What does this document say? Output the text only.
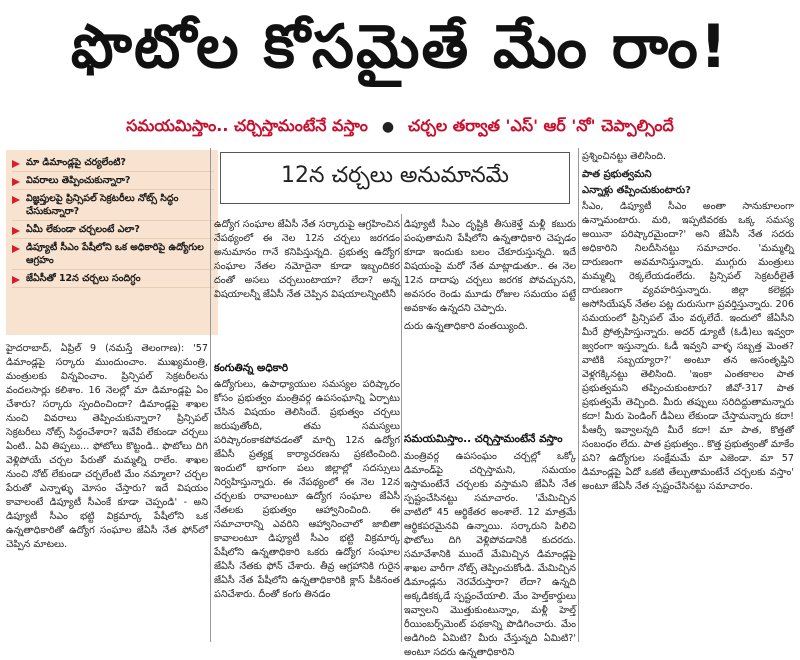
ఫొటోల కోసమైతే మేం రాం!
సమయమిస్తాం.. చర్చిస్తామంటేనే వస్తాం ● చర్చల తర్వాత 'ఎస్' ఆర్ 'నో' చెప్పాల్సిందే
మా డిమాండ్లపై చర్యలేంటి?
వివరాలు తెప్పించుకున్నారా?
విజ్ఞప్తులపై ప్రిన్సిపల్ సెక్రటరీలు నోట్స్ సిద్ధం చేసుకున్నారా?
ఏమీ లేకుండా చర్చలంటే ఎలా?
డిప్యూటీ సీఎం పేషీలోని ఒక అధికారిపై ఉద్యోగుల ఆగ్రహం
జేఏసీతో 12న చర్చలు సందిగ్ధం
12న చర్చలు అనుమానమే

హైదరాబాద్, ఏప్రిల్ 9 (నమస్తే తెలంగాణ): '57 డిమాండ్లపై సర్కారు ముందుంచాం. ముఖ్యమంత్రి, మంత్రులకు విన్నవించాం. ప్రిన్సిపల్ సెక్రటరీలను వందలసార్లు కలిశాం. 16 నెలల్లో మా డిమాండ్లపై ఏం చేశారు? సర్కారు స్పందించిందా? డిమాండ్లపై శాఖల నుంచి వివరాలు తెప్పించుకున్నారా? ప్రిన్సిపల్ సెక్రటరీలు నోట్స్ సిద్ధంచేశారా? ఇవేవీ లేకుండా చర్చలు ఏంటి.. ఏవి తిప్పలు... ఫోటోలు కొట్టండి.. ఫొటోలు దిగి వెళ్లిపోయే చర్చల పేరుతో మమ్మల్ని రాలేం. శాఖల నుంచి నోట్ లేకుండా చర్చలేంటి మేం నమ్మాలా? చర్చల పేరుతో ఎన్నాళ్ళు మోసం చేస్తారు? ఇదే విషయం కావాలంటే డిప్యూటీ సీఎంకే కూడా చెప్పండి' - అని డిప్యూటీ సీఎం భట్టి విక్రమార్క పేషీలోని ఒక ఉన్నతాధికారితో ఉద్యోగ సంఘాల జేఏసీ నేత ఫోన్‌లో చెప్పిన మాటలు.

ఉద్యోగ సంఘాల జేఏసీ నేత సర్కారుపై ఆగ్రహించిన నేపథ్యంలో ఈ నెల 12న చర్చలు జరగడం అనుమానం గానే కనిపిస్తున్నది. ప్రభుత్వ ఉద్యోగ సంఘాల నేతల నమోదైనా కూడా ఇబ్బందికర దంతో అసలు చర్చలుంటాయా? లేదా? అన్న విషయాలన్నీ జేఏసీ నేత చెప్పిన విషయాలన్నింటినీ

డిప్యూటీ సీఎం దృష్టికి తీసుకెళ్తే మళ్లీ కబురు పంపుతామని పేషీలోని ఉన్నతాధికారి చెప్పడం కూడా ఇందుకు బలం చేకూరుస్తున్నది. ఇదే విషయంపై మరో నేత మాట్లాడుతూ.. ఈ నెల 12న దాదాపు చర్చలు జరగక పోవచ్చునని, అవసరం రెండు మూడు రోజుల సమయం పట్టే అవకాశం ఉన్నదని చెప్పారు.

దురు ఉన్నతాధికారి వంతయ్యింది.

కంగుతిన్న అధికారి

ఉద్యోగులు, ఉపాధ్యాయుల సమస్యల పరిష్కారం కోసం ప్రభుత్వం మంత్రివర్గ ఉపసంఘాన్ని ఏర్పాటు చేసిన విషయం తెలిసిందే. ప్రభుత్వం చర్చలు జరుపుతోంది, తమ సమస్యలు పరిష్కారంకాకపోవడంతో మార్చి 12న ఉద్యోగ జేఏసీ ప్రత్యక్ష కార్యాచరణను ప్రకటించింది. ఇందులో భాగంగా పలు జిల్లాల్లో సదస్సులు నిర్వహిస్తున్నారు. ఈ నేపథ్యంలో ఈ నెల 12న చర్చలకు రావాలంటూ ఉద్యోగ సంఘాల జేఏసీ నేతలకు ప్రభుత్వం ఆహ్వానించింది. ఈ సమాచారాన్ని ఎవరిని ఆహ్వానించాలో జాబితా కావాలంటూ డిప్యూటీ సీఎం భట్టి విక్రమార్క పేషీలోని ఉన్నతాధికారి ఒకరు ఉద్యోగ సంఘాల జేఏసీ నేతకు ఫోన్ చేశారు. తీవ్ర ఆగ్రహానికి గురైన జేఏసీ నేత పేషీలోని ఉన్నతాధికారికి క్లాస్ పీకినంత పనిచేశారు. దీంతో కంగు తినడం

సమయమిస్తాం.. చర్చిస్తామంటేనే వస్తాం

మంత్రివర్గ ఉపసంఘం చర్చల్లో ఒక్కో డిమాండ్‌పై చర్చిస్తామని, సమయం ఇస్తామంటేనే చర్చలకు వస్తామని జేఏసీ నేత స్పష్టంచేసినట్టు సమాచారం. 'మేమిచ్చిన వాటిలో 45 ఆర్థికేతర అంశాలే. 12 మాత్రమే ఆర్థికపరమైనవి ఉన్నాయి. సర్కారుని పిలిచి ఫొటోలు దిగి వెళ్లిపోవడానికి కుదరదు. సమావేశానికి ముందే మేమిచ్చిన డిమాండ్లపై శాఖల వారీగా నోట్స్ తెప్పించుకోండి. మేమిచ్చిన డిమాండ్లను నెరవేరుస్తారా? లేదా? ఉన్నది అక్కడికక్కడే స్పష్టంచేయాలి. మేం హెల్త్‌కార్డులు ఇవ్వాలని మొత్తుకుంటున్నాం, మళ్లీ హెల్త్ రీయింబర్స్‌మెంట్ పథకాన్ని పొడిగించారు. మేం అడిగింది ఏమిటి? మీరు చేస్తున్నది ఏమిటి?' అంటూ సదరు ఉన్నతాధికారిని

ప్రశ్నించినట్టు తెలిసింది.

పాత ప్రభుత్వమని
ఎన్నాళ్లు తప్పించుకుంటారు?

సీఎం, డిప్యూటీ సీఎం అంతా సానుకూలంగా ఉన్నామంటారు. మరి, ఇప్పటివరకు ఒక్క సమస్య అయినా పరిష్కారమైందా?' అని జేఏసీ నేత సదరు అధికారిని నిలదీసినట్టు సమాచారం. 'మమ్మల్ని దారుణంగా అవమానిస్తున్నారు. ముగ్గురు మంత్రులు మమ్మల్ని రెక్కలేయడంలేదు. ప్రిన్సిపల్ సెక్రటరీలైతే దారుణంగా వ్యవహరిస్తున్నారు. జిల్లా కలెక్టర్లు అసోసియేషన్ నేతల పట్ల దురుసుగా ప్రవర్తిస్తున్నారు. 206 సమయంలో ప్రిన్సిపల్ మేం వర్కలేదే. ఇందులో జేఏసీని మీరే ప్రోత్సహిస్తున్నారు. అదర్ డ్యూటీ (ఓడీ)లు ఇవ్వరా జ్వరంగా ఇస్తున్నారు. ఓడీ ఇవ్వని వాళ్ళ సబ్బత్త మెంత? వాటికి సబ్బయ్యారా?' అంటూ తన అసంతృప్తిని వెళ్లగక్కినట్టు తెలిసింది. 'ఇంకా ఎంతకాలం పాత ప్రభుత్వమని తప్పించుకుంటారు? జీవో-317 పాత ప్రభుత్వమే తెచ్చింది. మీరు తప్పులు సరిదిద్దుతామన్నారు కదా! మీరు పెండింగ్ డీఏలు లేకుండా చేస్తామన్నారు కదా! పీఆర్సీ ఇవ్వాలన్నది మీరే కదా! మా పాత, కొత్తతో సంబంధం లేదు. పాత ప్రభుత్వం.. కొత్త ప్రభుత్వంతో మాకేం పని? ఉద్యోగుల సంక్షేమమే మా ఎజెండా. మా 57 డిమాండ్లపై ఏదో ఒకటి తేల్చుతామంటేనే చర్చలకు వస్తాం' అంటూ జేఏసీ నేత స్పష్టంచేసినట్టు సమాచారం.
